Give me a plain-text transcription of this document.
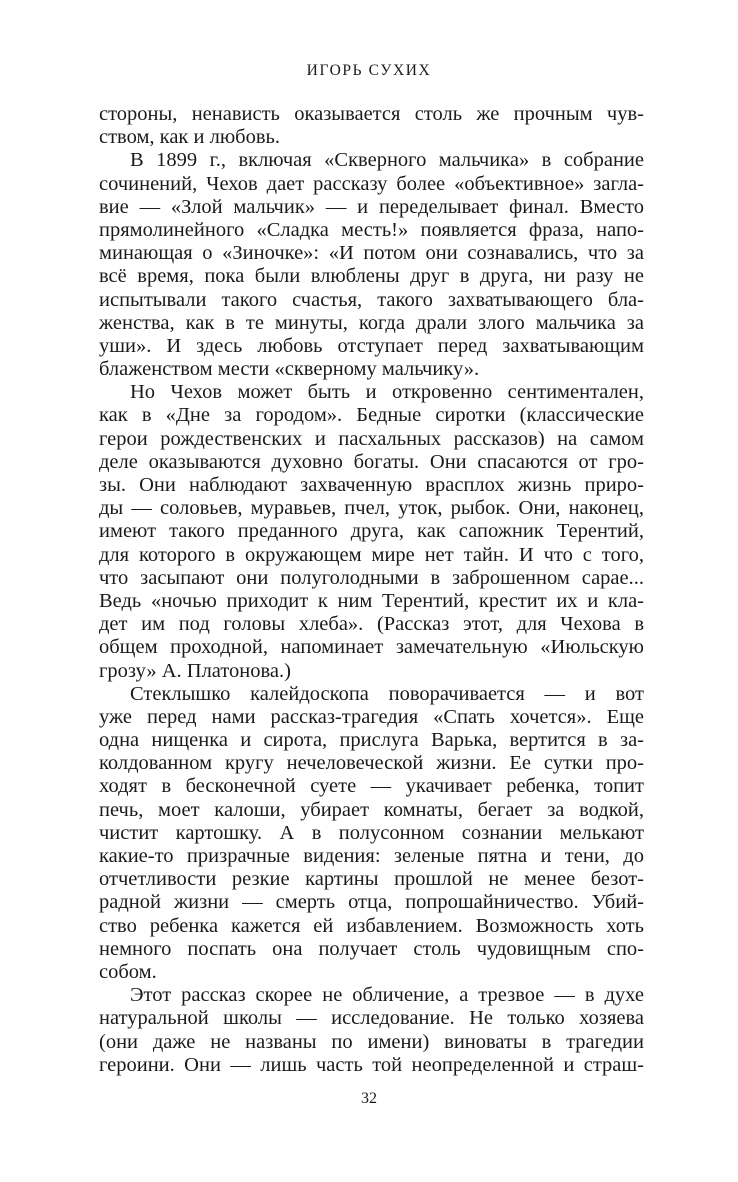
ИГОРЬ СУХИХ
стороны, ненависть оказывается столь же прочным чув-
ством, как и любовь.
В 1899 г., включая «Скверного мальчика» в собрание
сочинений, Чехов дает рассказу более «объективное» загла-
вие — «Злой мальчик» — и переделывает финал. Вместо
прямолинейного «Сладка месть!» появляется фраза, напо-
минающая о «Зиночке»: «И потом они сознавались, что за
всё время, пока были влюблены друг в друга, ни разу не
испытывали такого счастья, такого захватывающего бла-
женства, как в те минуты, когда драли злого мальчика за
уши». И здесь любовь отступает перед захватывающим
блаженством мести «скверному мальчику».
Но Чехов может быть и откровенно сентиментален,
как в «Дне за городом». Бедные сиротки (классические
герои рождественских и пасхальных рассказов) на самом
деле оказываются духовно богаты. Они спасаются от гро-
зы. Они наблюдают захваченную врасплох жизнь приро-
ды — соловьев, муравьев, пчел, уток, рыбок. Они, наконец,
имеют такого преданного друга, как сапожник Терентий,
для которого в окружающем мире нет тайн. И что с того,
что засыпают они полуголодными в заброшенном сарае...
Ведь «ночью приходит к ним Терентий, крестит их и кла-
дет им под головы хлеба». (Рассказ этот, для Чехова в
общем проходной, напоминает замечательную «Июльскую
грозу» А. Платонова.)
Стеклышко калейдоскопа поворачивается — и вот
уже перед нами рассказ-трагедия «Спать хочется». Еще
одна нищенка и сирота, прислуга Варька, вертится в за-
колдованном кругу нечеловеческой жизни. Ее сутки про-
ходят в бесконечной суете — укачивает ребенка, топит
печь, моет калоши, убирает комнаты, бегает за водкой,
чистит картошку. А в полусонном сознании мелькают
какие-то призрачные видения: зеленые пятна и тени, до
отчетливости резкие картины прошлой не менее безот-
радной жизни — смерть отца, попрошайничество. Убий-
ство ребенка кажется ей избавлением. Возможность хоть
немного поспать она получает столь чудовищным спо-
собом.
Этот рассказ скорее не обличение, а трезвое — в духе
натуральной школы — исследование. Не только хозяева
(они даже не названы по имени) виноваты в трагедии
героини. Они — лишь часть той неопределенной и страш-
32
